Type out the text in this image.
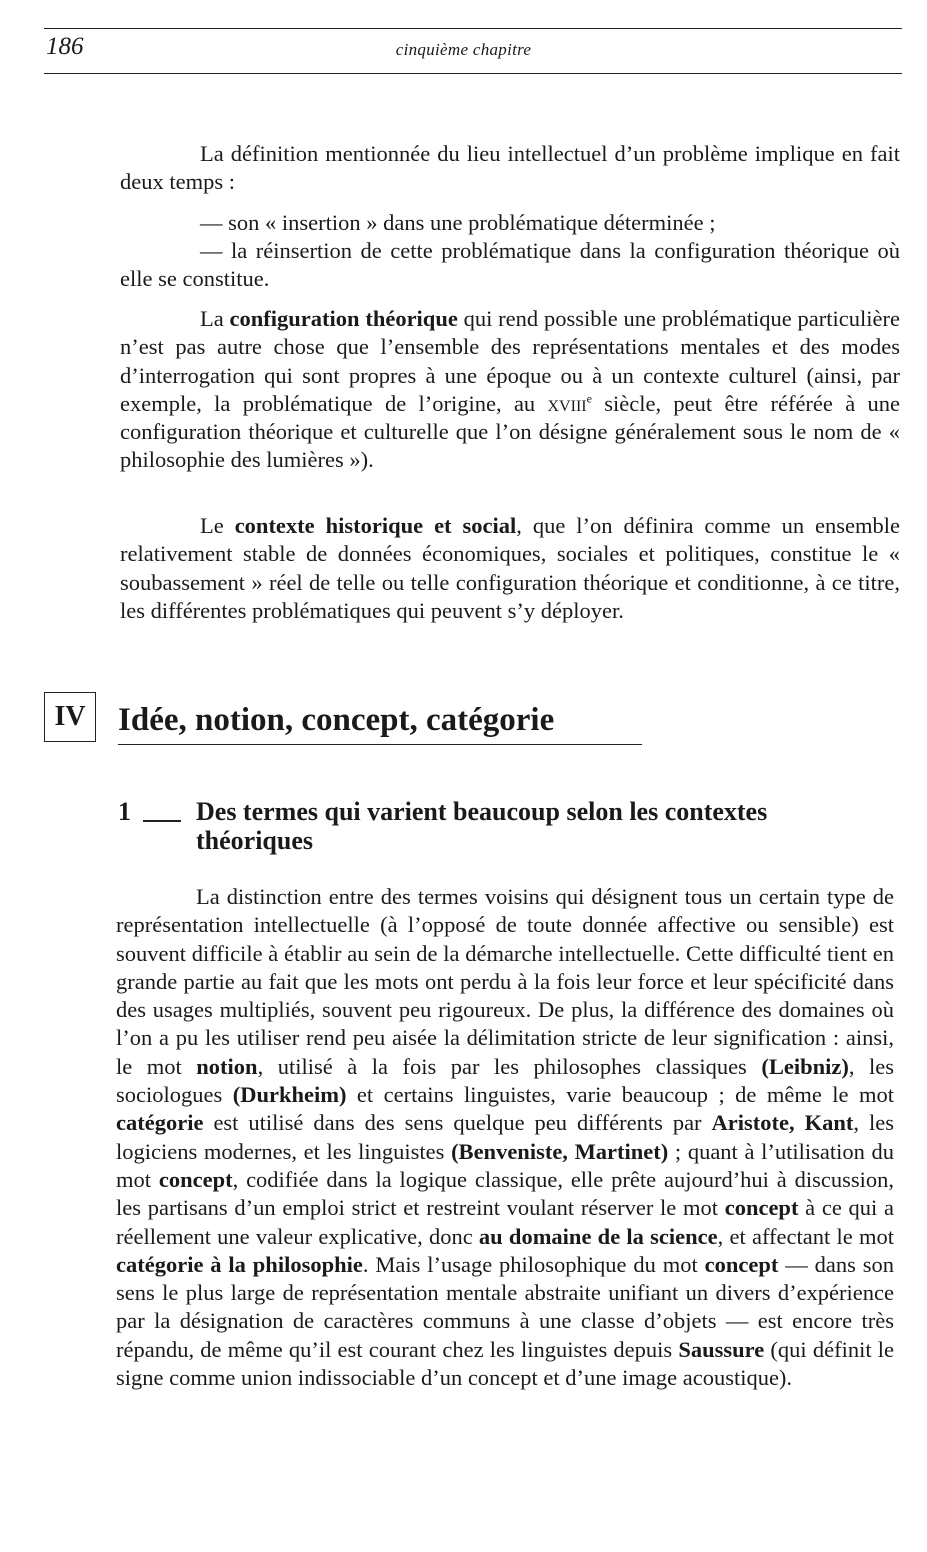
186	cinquième chapitre

La définition mentionnée du lieu intellectuel d’un problème implique en fait deux temps :

— son « insertion » dans une problématique déterminée ;

— la réinsertion de cette problématique dans la configuration théorique où elle se constitue.

La configuration théorique qui rend possible une problématique particulière n’est pas autre chose que l’ensemble des représentations mentales et des modes d’interrogation qui sont propres à une époque ou à un contexte culturel (ainsi, par exemple, la problématique de l’origine, au xviii$^e$ siècle, peut être référée à une configuration théorique et culturelle que l’on désigne généralement sous le nom de « philosophie des lumières »).

Le contexte historique et social, que l’on définira comme un ensemble relativement stable de données économiques, sociales et politiques, constitue le « soubassement » réel de telle ou telle configuration théorique et conditionne, à ce titre, les différentes problématiques qui peuvent s’y déployer.

IV Idée, notion, concept, catégorie
1	Des termes qui varient beaucoup selon les contextes théoriques

La distinction entre des termes voisins qui désignent tous un certain type de représentation intellectuelle (à l’opposé de toute donnée affective ou sensible) est souvent difficile à établir au sein de la démarche intellectuelle. Cette difficulté tient en grande partie au fait que les mots ont perdu à la fois leur force et leur spécificité dans des usages multipliés, souvent peu rigoureux. De plus, la différence des domaines où l’on a pu les utiliser rend peu aisée la délimitation stricte de leur signification : ainsi, le mot notion, utilisé à la fois par les philosophes classiques (Leibniz), les sociologues (Durkheim) et certains linguistes, varie beaucoup ; de même le mot catégorie est utilisé dans des sens quelque peu différents par Aristote, Kant, les logiciens modernes, et les linguistes (Benveniste, Martinet) ; quant à l’utilisation du mot concept, codifiée dans la logique classique, elle prête aujourd’hui à discussion, les partisans d’un emploi strict et restreint voulant réserver le mot concept à ce qui a réellement une valeur explicative, donc au domaine de la science, et affectant le mot catégorie à la philosophie. Mais l’usage philosophique du mot concept — dans son sens le plus large de représentation mentale abstraite unifiant un divers d’expérience par la désignation de caractères communs à une classe d’objets — est encore très répandu, de même qu’il est courant chez les linguistes depuis Saussure (qui définit le signe comme union indissociable d’un concept et d’une image acoustique).
